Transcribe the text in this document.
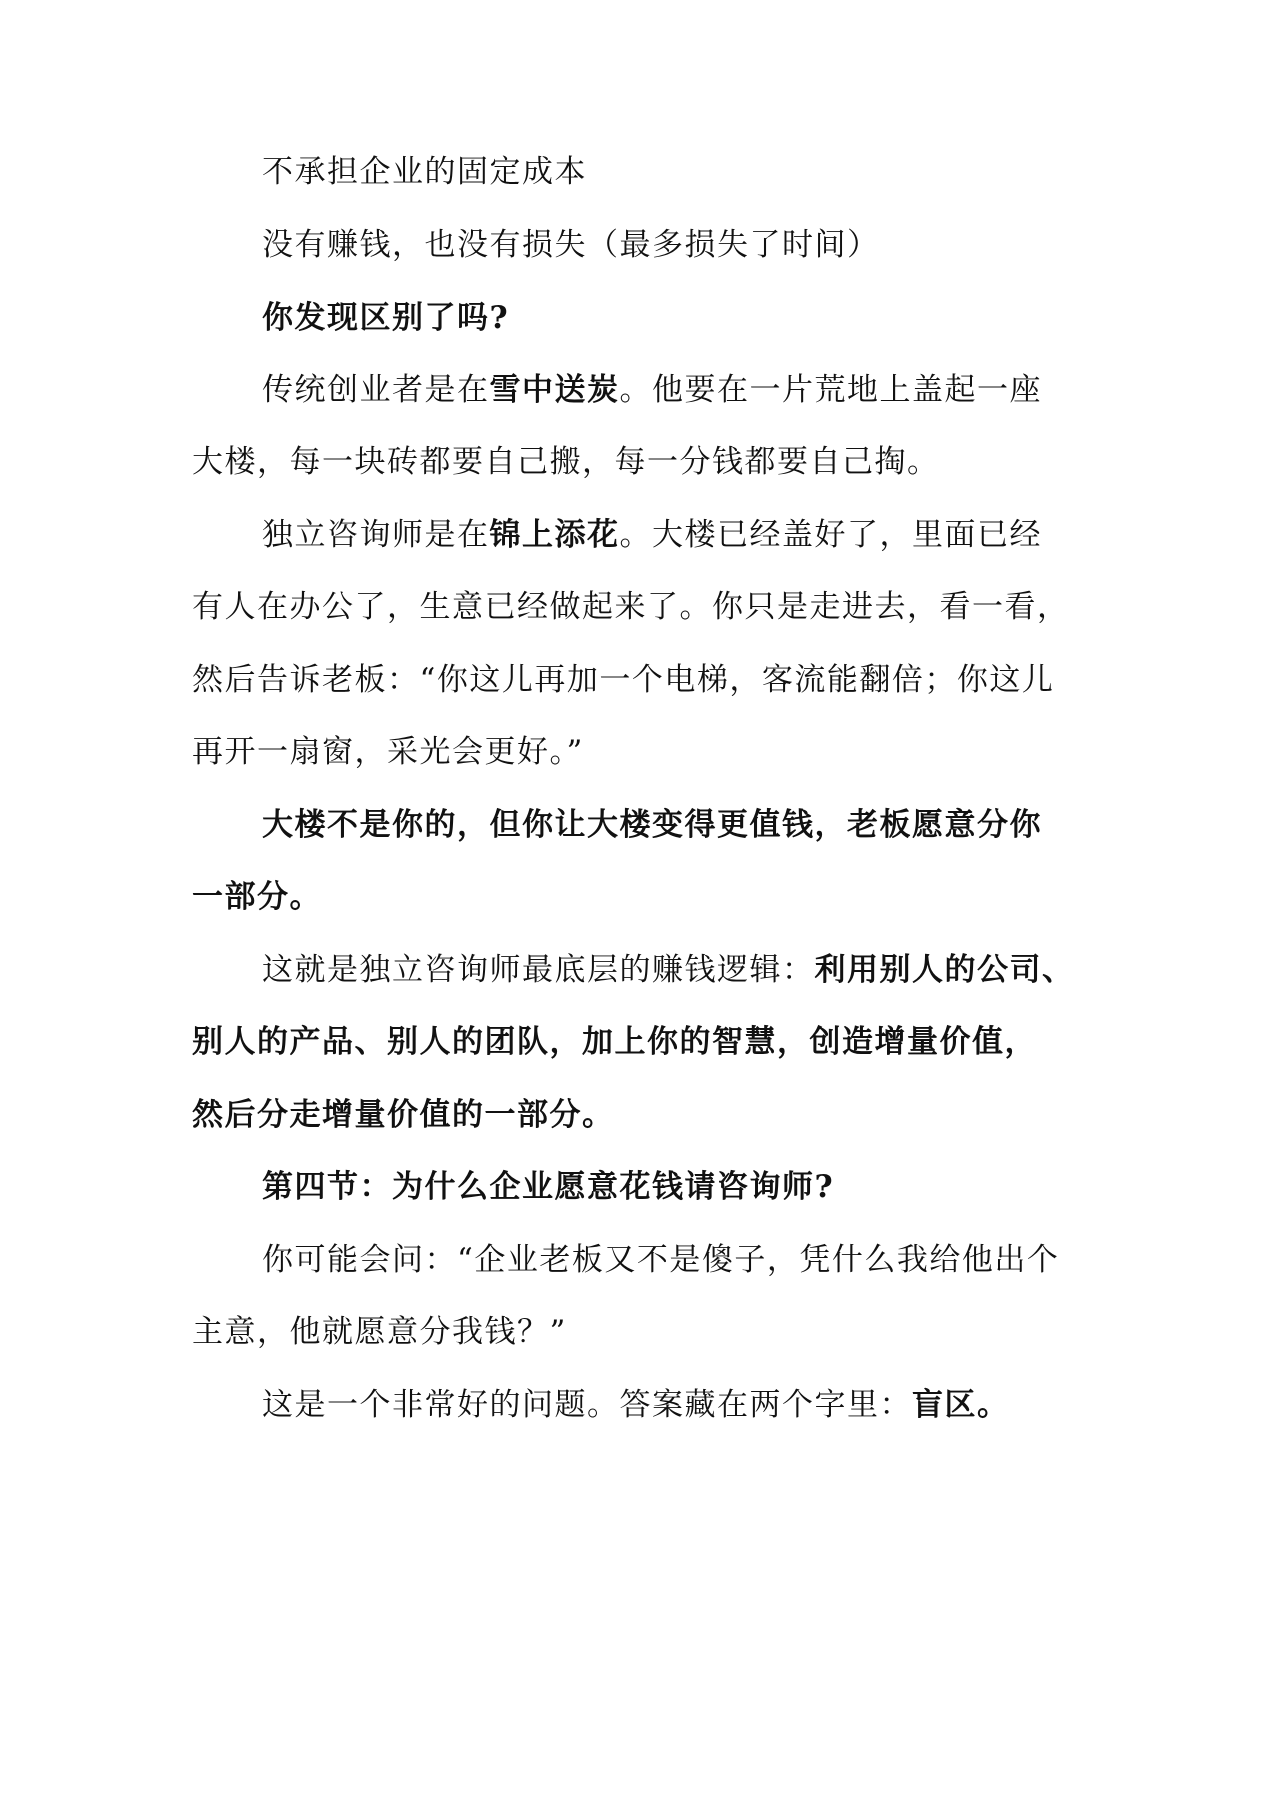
不承担企业的固定成本
没有赚钱，也没有损失（最多损失了时间）
你发现区别了吗?
传统创业者是在雪中送炭。他要在一片荒地上盖起一座
大楼，每一块砖都要自己搬，每一分钱都要自己掏。
独立咨询师是在锦上添花。大楼已经盖好了，里面已经
有人在办公了，生意已经做起来了。你只是走进去，看一看，
然后告诉老板：“你这儿再加一个电梯，客流能翻倍；你这儿
再开一扇窗，采光会更好。”
大楼不是你的，但你让大楼变得更值钱，老板愿意分你
一部分。
这就是独立咨询师最底层的赚钱逻辑：利用别人的公司、
别人的产品、别人的团队，加上你的智慧，创造增量价值，
然后分走增量价值的一部分。
第四节：为什么企业愿意花钱请咨询师?
你可能会问：“企业老板又不是傻子，凭什么我给他出个
主意，他就愿意分我钱？”
这是一个非常好的问题。答案藏在两个字里：盲区。
